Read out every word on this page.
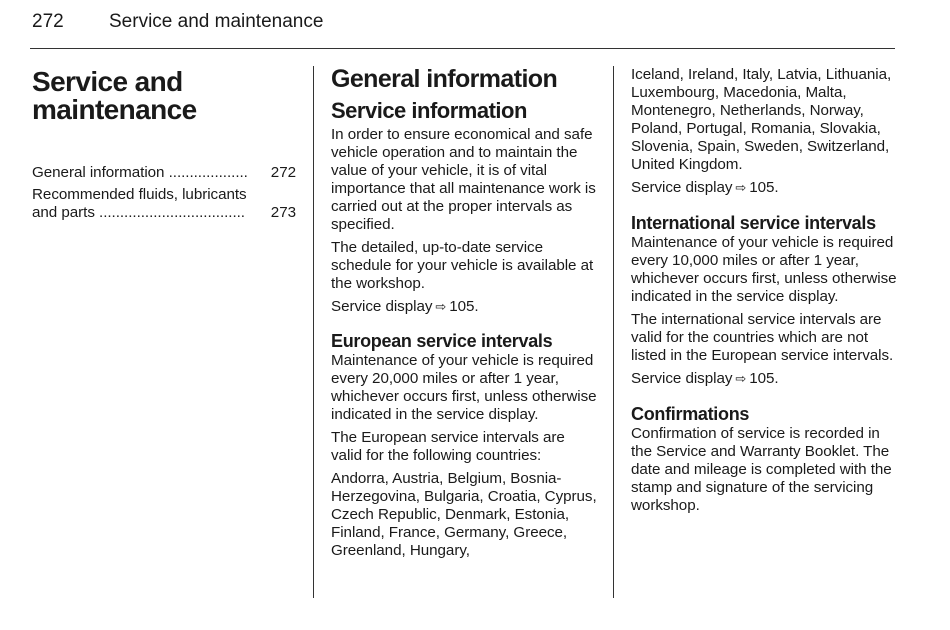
272	Service and maintenance
Service and maintenance
General information ...................	272
Recommended fluids, lubricants
and parts ...................................	273
General information
Service information

In order to ensure economical and safe vehicle operation and to maintain the value of your vehicle, it is of vital importance that all maintenance work is carried out at the proper intervals as specified.

The detailed, up-to-date service schedule for your vehicle is available at the workshop.

Service display ⇨ 105.

European service intervals

Maintenance of your vehicle is required every 20,000 miles or after 1 year, whichever occurs first, unless otherwise indicated in the service display.

The European service intervals are valid for the following countries:

Andorra, Austria, Belgium, Bosnia-Herzegovina, Bulgaria, Croatia, Cyprus, Czech Republic, Denmark, Estonia, Finland, France, Germany, Greece, Greenland, Hungary,

Iceland, Ireland, Italy, Latvia, Lithuania, Luxembourg, Macedonia, Malta, Montenegro, Netherlands, Norway, Poland, Portugal, Romania, Slovakia, Slovenia, Spain, Sweden, Switzerland, United Kingdom.

Service display ⇨ 105.

International service intervals

Maintenance of your vehicle is required every 10,000 miles or after 1 year, whichever occurs first, unless otherwise indicated in the service display.

The international service intervals are valid for the countries which are not listed in the European service intervals.

Service display ⇨ 105.

Confirmations

Confirmation of service is recorded in the Service and Warranty Booklet. The date and mileage is completed with the stamp and signature of the servicing workshop.
